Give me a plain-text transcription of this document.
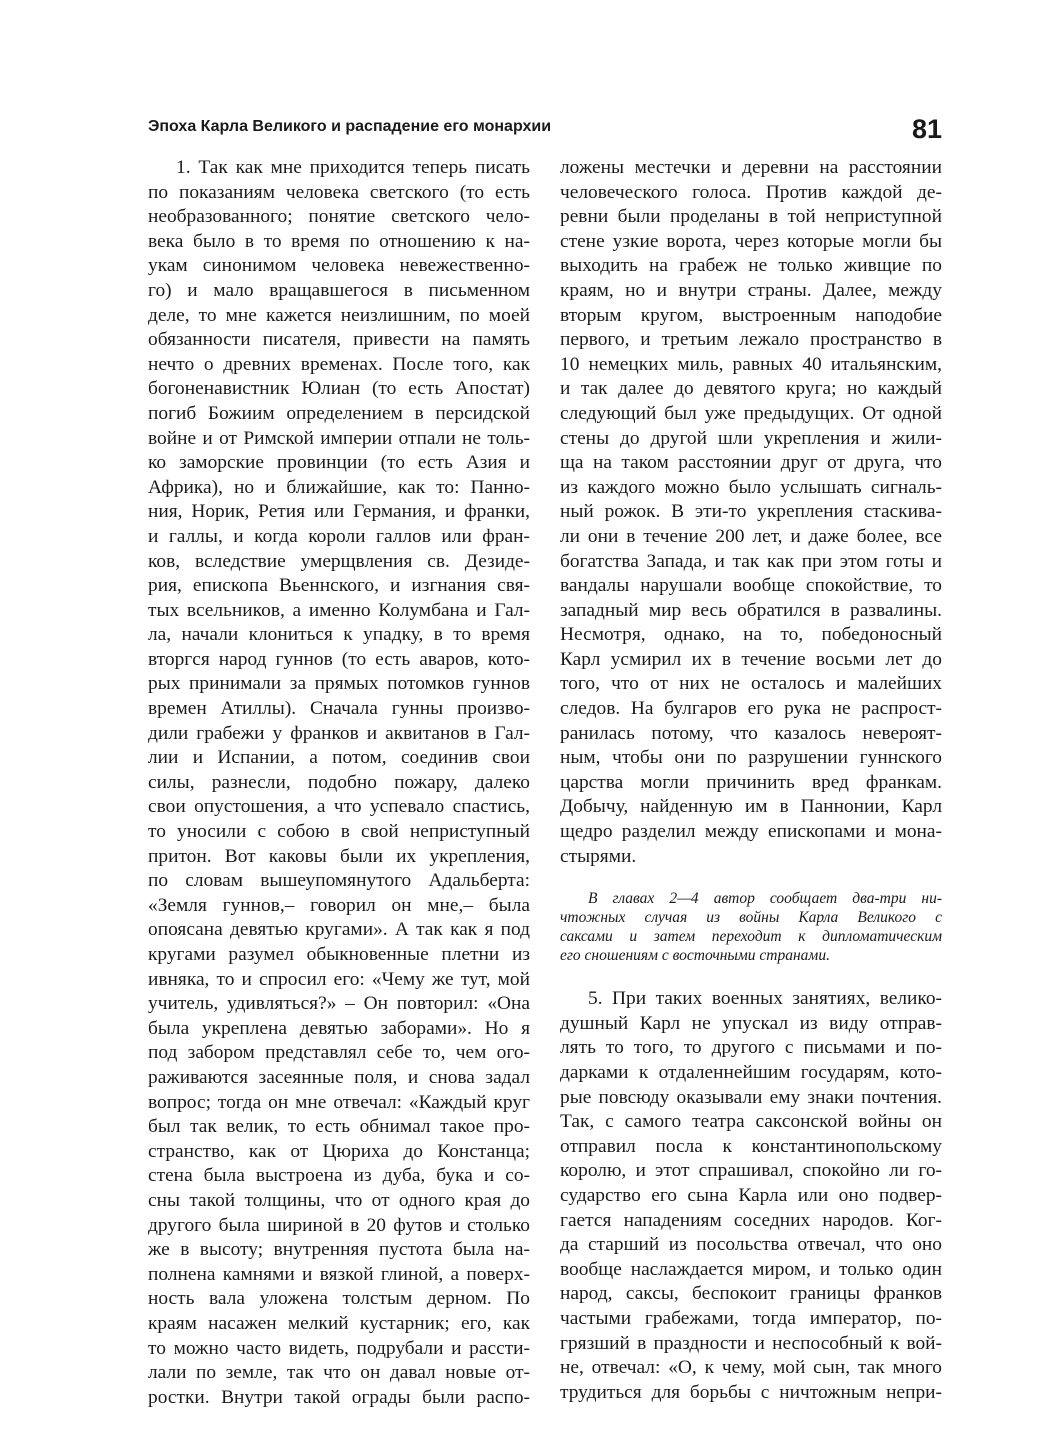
Эпоха Карла Великого и распадение его монархии	81
1. Так как мне приходится теперь писать
по показаниям человека светского (то есть
необразованного; понятие светского чело-
века было в то время по отношению к на-
укам синонимом человека невежественно-
го) и мало вращавшегося в письменном
деле, то мне кажется неизлишним, по моей
обязанности писателя, привести на память
нечто о древних временах. После того, как
богоненавистник Юлиан (то есть Апостат)
погиб Божиим определением в персидской
войне и от Римской империи отпали не толь-
ко заморские провинции (то есть Азия и
Африка), но и ближайшие, как то: Панно-
ния, Норик, Ретия или Германия, и франки,
и галлы, и когда короли галлов или фран-
ков, вследствие умерщвления св. Дезиде-
рия, епископа Вьеннского, и изгнания свя-
тых всельников, а именно Колумбана и Гал-
ла, начали клониться к упадку, в то время
вторгся народ гуннов (то есть аваров, кото-
рых принимали за прямых потомков гуннов
времен Атиллы). Сначала гунны произво-
дили грабежи у франков и аквитанов в Гал-
лии и Испании, а потом, соединив свои
силы, разнесли, подобно пожару, далеко
свои опустошения, а что успевало спастись,
то уносили с собою в свой неприступный
притон. Вот каковы были их укрепления,
по словам вышеупомянутого Адальберта:
«Земля гуннов,– говорил он мне,– была
опоясана девятью кругами». А так как я под
кругами разумел обыкновенные плетни из
ивняка, то и спросил его: «Чему же тут, мой
учитель, удивляться?» – Он повторил: «Она
была укреплена девятью заборами». Но я
под забором представлял себе то, чем ого-
раживаются засеянные поля, и снова задал
вопрос; тогда он мне отвечал: «Каждый круг
был так велик, то есть обнимал такое про-
странство, как от Цюриха до Констанца;
стена была выстроена из дуба, бука и со-
сны такой толщины, что от одного края до
другого была шириной в 20 футов и столько
же в высоту; внутренняя пустота была на-
полнена камнями и вязкой глиной, а поверх-
ность вала уложена толстым дерном. По
краям насажен мелкий кустарник; его, как
то можно часто видеть, подрубали и рассти-
лали по земле, так что он давал новые от-
ростки. Внутри такой ограды были распо-
ложены местечки и деревни на расстоянии
человеческого голоса. Против каждой де-
ревни были проделаны в той неприступной
стене узкие ворота, через которые могли бы
выходить на грабеж не только живщие по
краям, но и внутри страны. Далее, между
вторым кругом, выстроенным наподобие
первого, и третьим лежало пространство в
10 немецких миль, равных 40 итальянским,
и так далее до девятого круга; но каждый
следующий был уже предыдущих. От одной
стены до другой шли укрепления и жили-
ща на таком расстоянии друг от друга, что
из каждого можно было услышать сигналь-
ный рожок. В эти-то укрепления стаскива-
ли они в течение 200 лет, и даже более, все
богатства Запада, и так как при этом готы и
вандалы нарушали вообще спокойствие, то
западный мир весь обратился в развалины.
Несмотря, однако, на то, победоносный
Карл усмирил их в течение восьми лет до
того, что от них не осталось и малейших
следов. На булгаров его рука не распрост-
ранилась потому, что казалось невероят-
ным, чтобы они по разрушении гуннского
царства могли причинить вред франкам.
Добычу, найденную им в Паннонии, Карл
щедро разделил между епископами и мона-
стырями.
В главах 2—4 автор сообщает два-три ни-
чтожных случая из войны Карла Великого с
саксами и затем переходит к дипломатическим
его сношениям с восточными странами.
5. При таких военных занятиях, велико-
душный Карл не упускал из виду отправ-
лять то того, то другого с письмами и по-
дарками к отдаленнейшим государям, кото-
рые повсюду оказывали ему знаки почтения.
Так, с самого театра саксонской войны он
отправил посла к константинопольскому
королю, и этот спрашивал, спокойно ли го-
сударство его сына Карла или оно подвер-
гается нападениям соседних народов. Ког-
да старший из посольства отвечал, что оно
вообще наслаждается миром, и только один
народ, саксы, беспокоит границы франков
частыми грабежами, тогда император, по-
грязший в праздности и неспособный к вой-
не, отвечал: «О, к чему, мой сын, так много
трудиться для борьбы с ничтожным непри-
